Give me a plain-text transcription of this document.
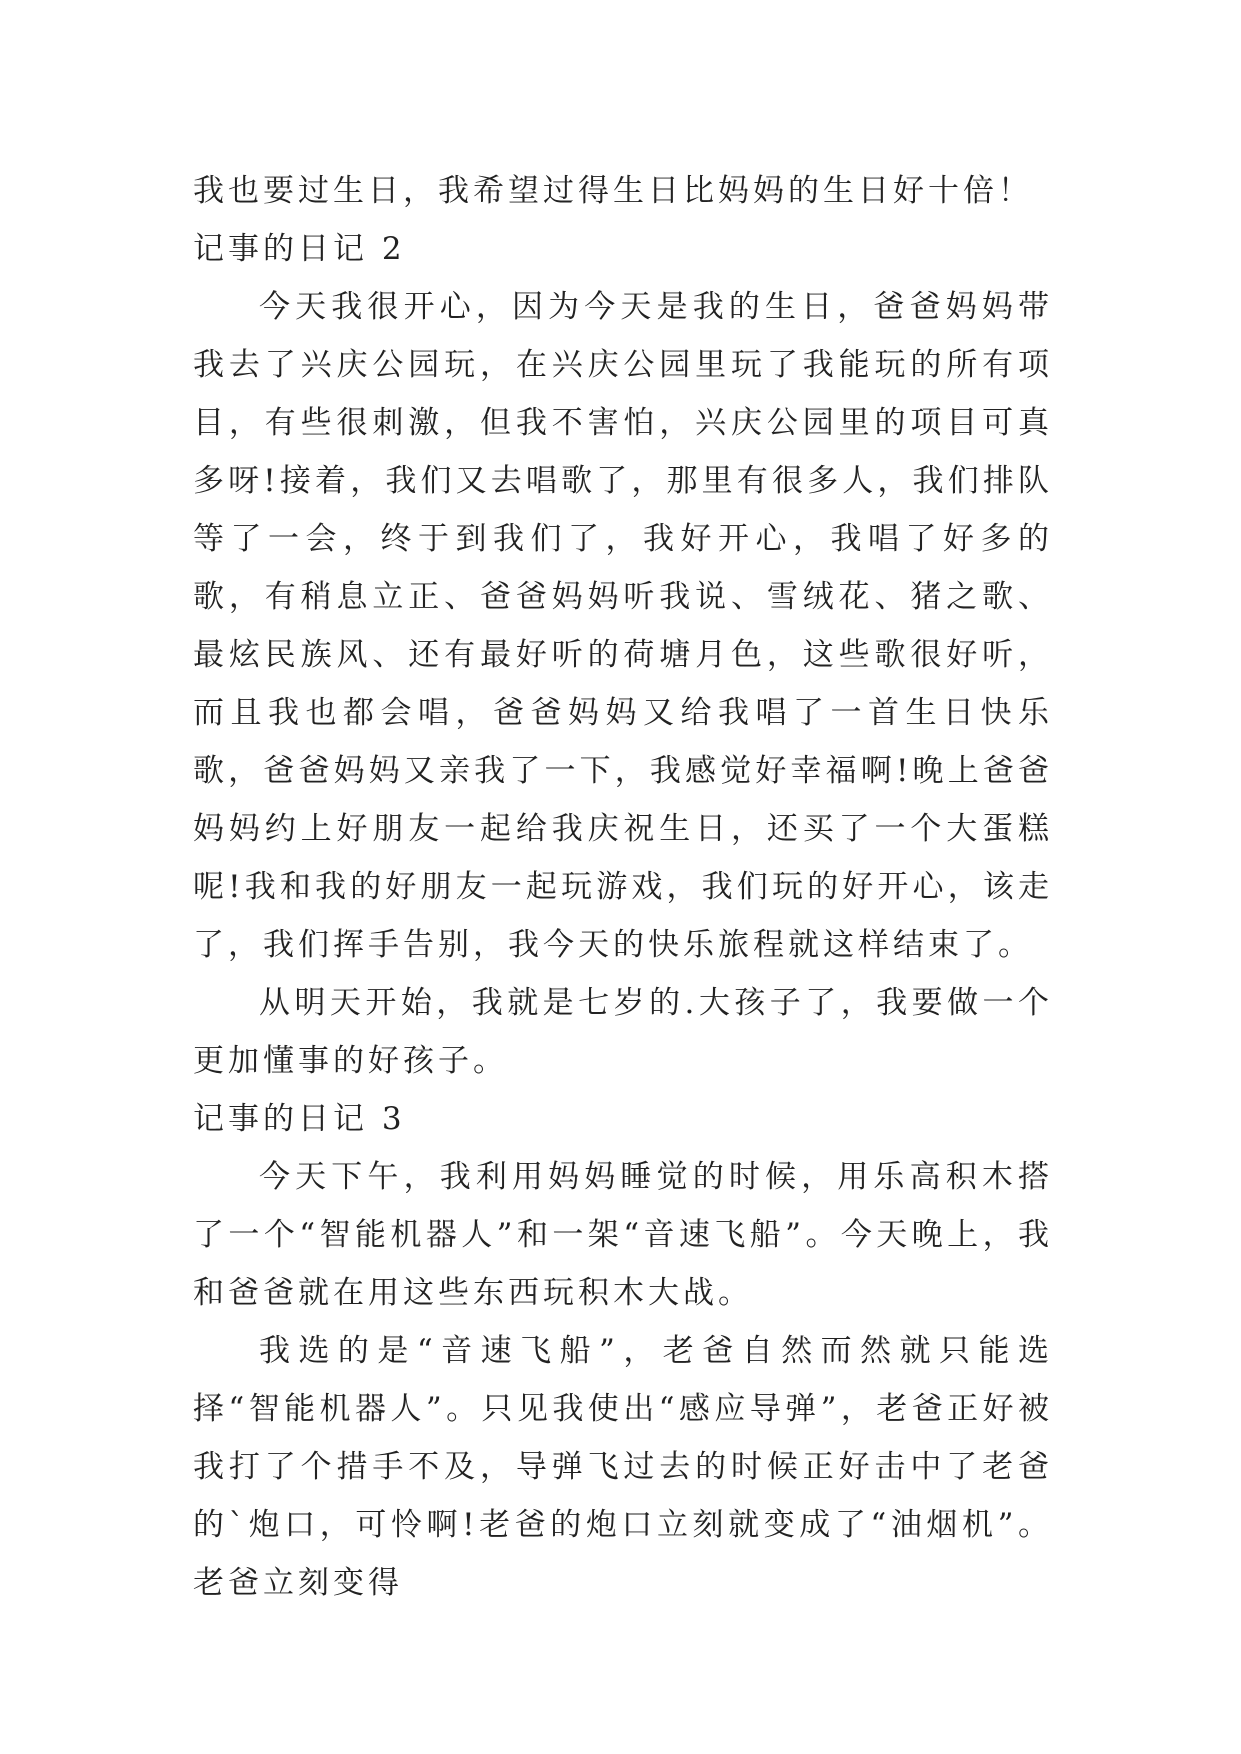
我也要过生日，我希望过得生日比妈妈的生日好十倍！

记事的日记 2

今天我很开心，因为今天是我的生日，爸爸妈妈带我去了兴庆公园玩，在兴庆公园里玩了我能玩的所有项目，有些很刺激，但我不害怕，兴庆公园里的项目可真多呀!接着，我们又去唱歌了，那里有很多人，我们排队等了一会，终于到我们了，我好开心，我唱了好多的歌，有稍息立正、爸爸妈妈听我说、雪绒花、猪之歌、最炫民族风、还有最好听的荷塘月色，这些歌很好听，而且我也都会唱，爸爸妈妈又给我唱了一首生日快乐歌，爸爸妈妈又亲我了一下，我感觉好幸福啊!晚上爸爸妈妈约上好朋友一起给我庆祝生日，还买了一个大蛋糕呢!我和我的好朋友一起玩游戏，我们玩的好开心，该走了，我们挥手告别，我今天的快乐旅程就这样结束了。

从明天开始，我就是七岁的.大孩子了，我要做一个更加懂事的好孩子。

记事的日记 3

今天下午，我利用妈妈睡觉的时候，用乐高积木搭了一个“智能机器人”和一架“音速飞船”。今天晚上，我和爸爸就在用这些东西玩积木大战。

我选的是“音速飞船”，老爸自然而然就只能选择“智能机器人”。只见我使出“感应导弹”，老爸正好被我打了个措手不及，导弹飞过去的时候正好击中了老爸的`炮口，可怜啊!老爸的炮口立刻就变成了“油烟机”。老爸立刻变得
